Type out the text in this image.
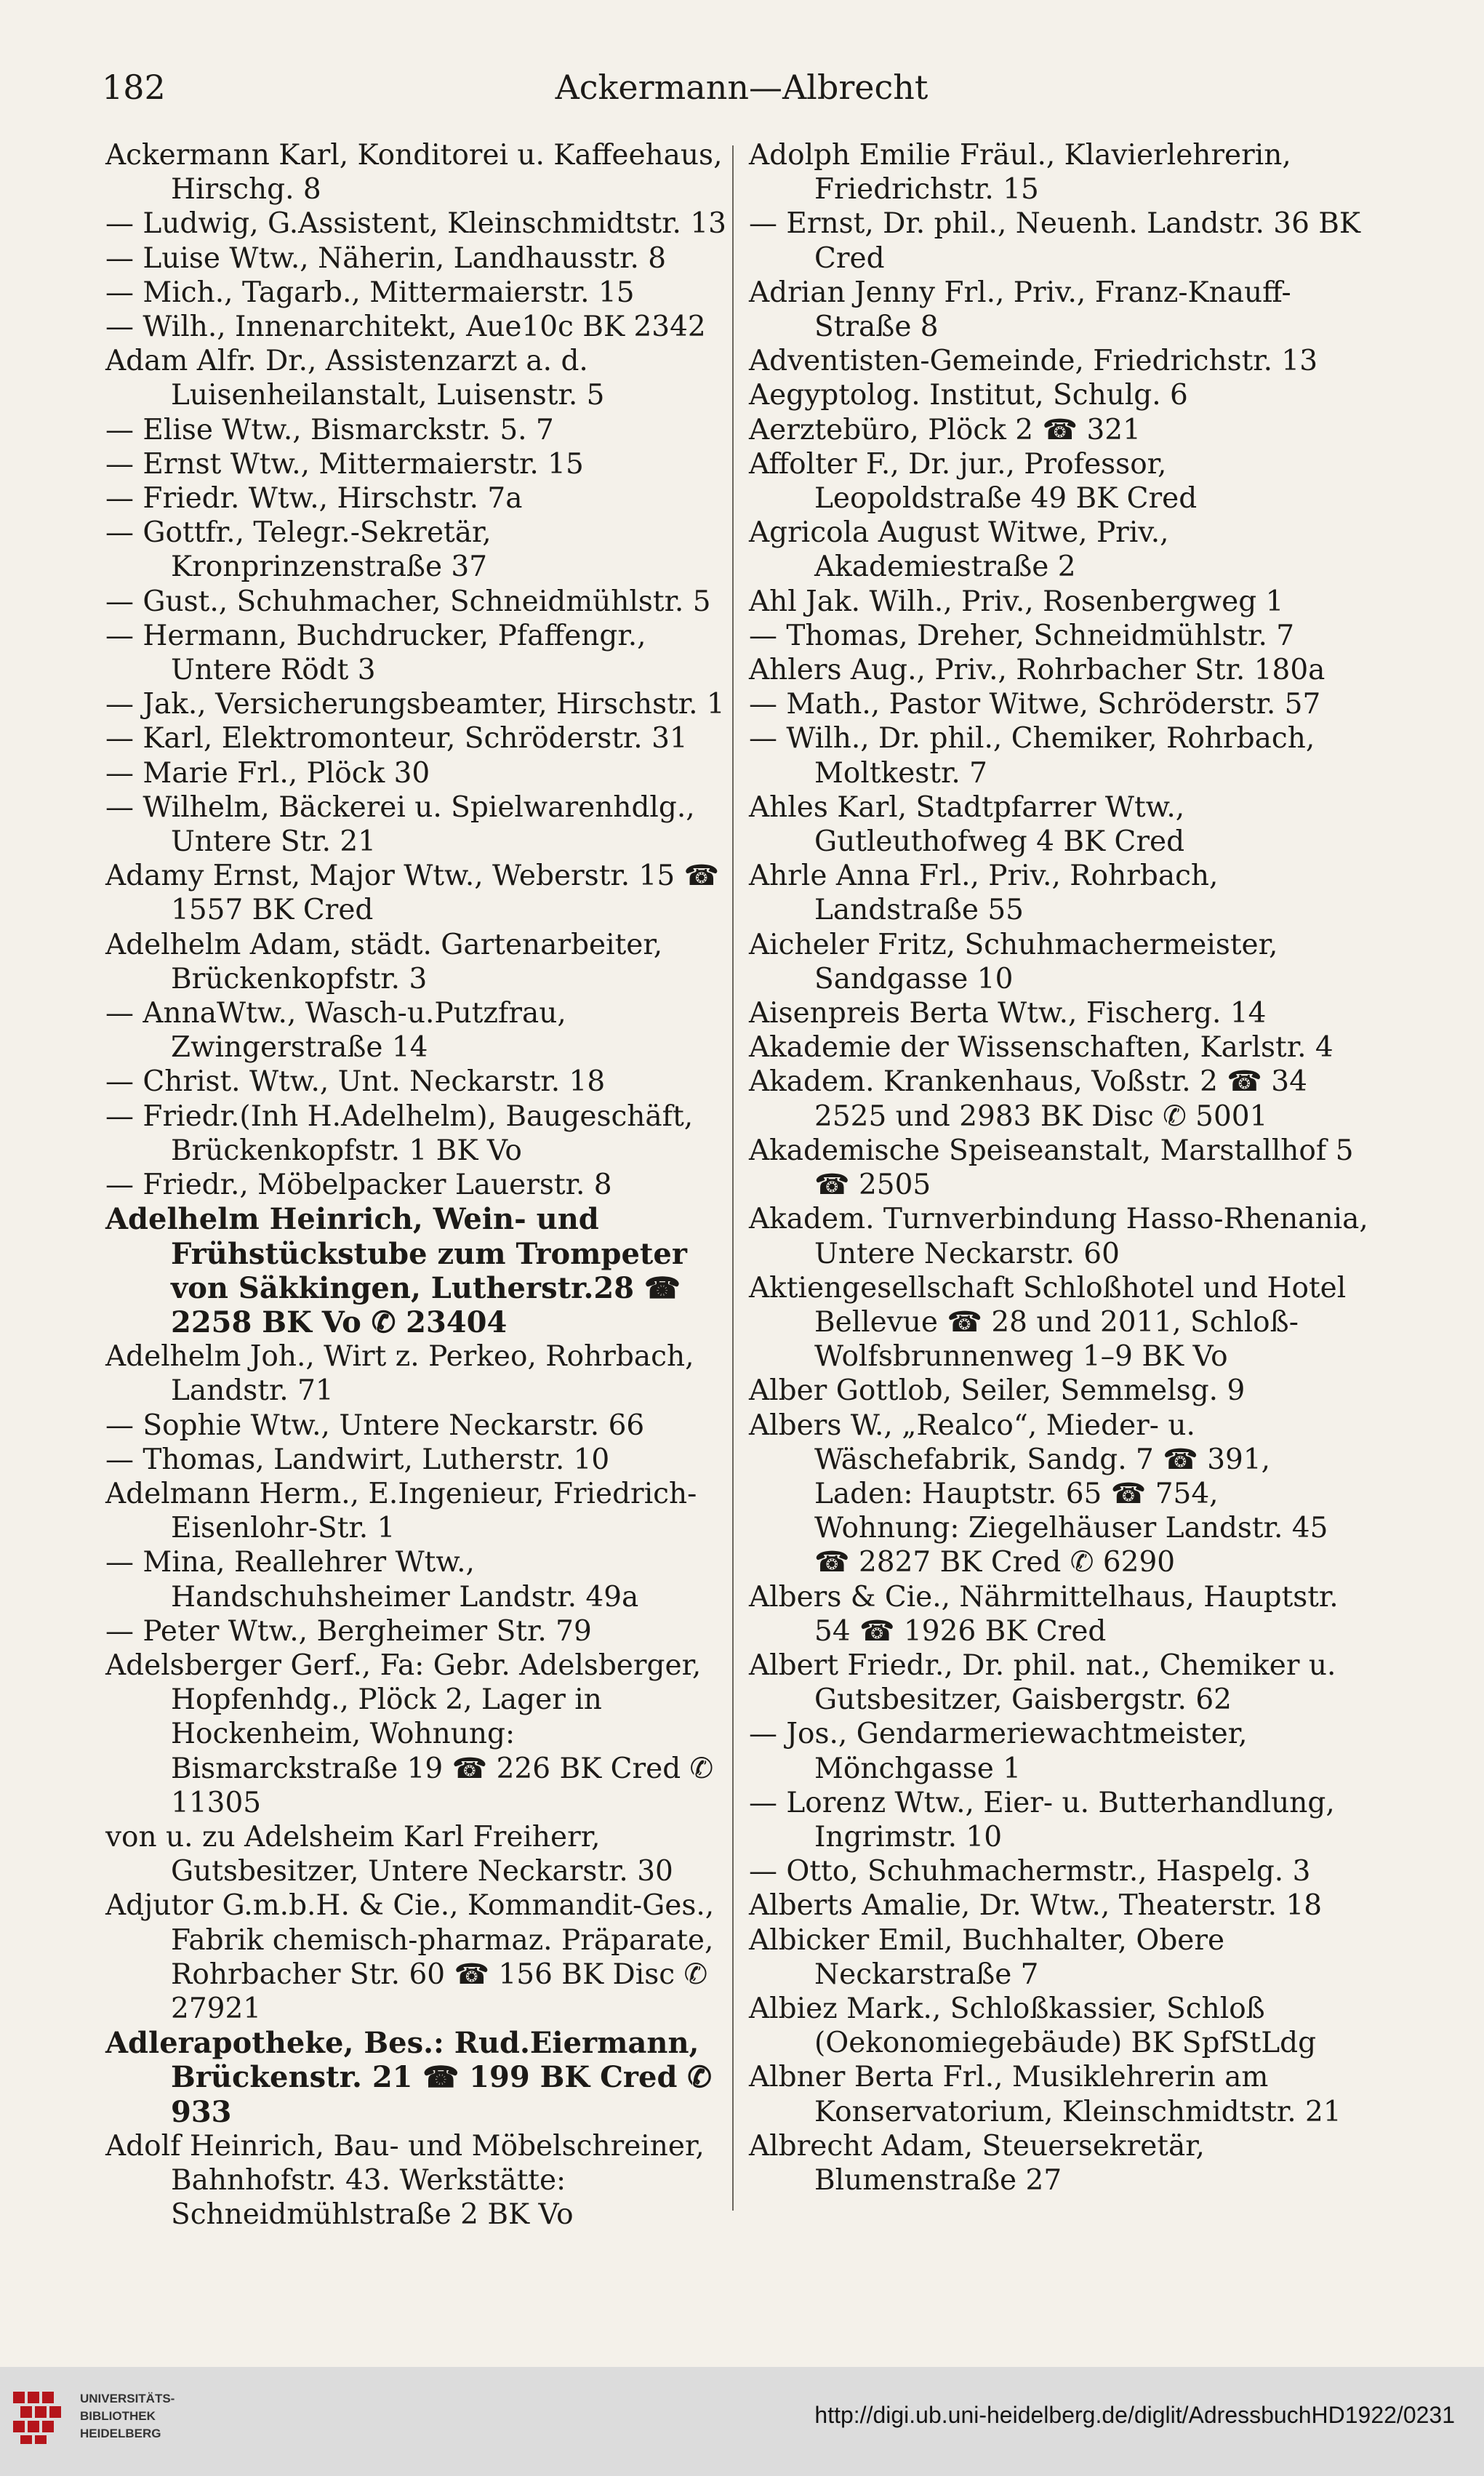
182	Ackermann—Albrecht
Ackermann Karl, Konditorei u. Kaffeehaus, Hirschg. 8
— Ludwig, G.Assistent, Kleinschmidtstr. 13
— Luise Wtw., Näherin, Landhausstr. 8
— Mich., Tagarb., Mittermaierstr. 15
— Wilh., Innenarchitekt, Aue10c BK 2342
Adam Alfr. Dr., Assistenzarzt a. d. Luisenheilanstalt, Luisenstr. 5
— Elise Wtw., Bismarckstr. 5. 7
— Ernst Wtw., Mittermaierstr. 15
— Friedr. Wtw., Hirschstr. 7a
— Gottfr., Telegr.-Sekretär, Kronprinzenstraße 37
— Gust., Schuhmacher, Schneidmühlstr. 5
— Hermann, Buchdrucker, Pfaffengr., Untere Rödt 3
— Jak., Versicherungsbeamter, Hirschstr. 1
— Karl, Elektromonteur, Schröderstr. 31
— Marie Frl., Plöck 30
— Wilhelm, Bäckerei u. Spielwarenhdlg., Untere Str. 21
Adamy Ernst, Major Wtw., Weberstr. 15 ☎ 1557 BK Cred
Adelhelm Adam, städt. Gartenarbeiter, Brückenkopfstr. 3
— AnnaWtw., Wasch-u.Putzfrau, Zwingerstraße 14
— Christ. Wtw., Unt. Neckarstr. 18
— Friedr.(Inh H.Adelhelm), Baugeschäft, Brückenkopfstr. 1 BK Vo
— Friedr., Möbelpacker Lauerstr. 8
Adelhelm Heinrich, Wein- und Frühstückstube zum Trompeter von Säkkingen, Lutherstr.28 ☎ 2258 BK Vo ✆ 23404
Adelhelm Joh., Wirt z. Perkeo, Rohrbach, Landstr. 71
— Sophie Wtw., Untere Neckarstr. 66
— Thomas, Landwirt, Lutherstr. 10
Adelmann Herm., E.Ingenieur, Friedrich-Eisenlohr-Str. 1
— Mina, Reallehrer Wtw., Handschuhsheimer Landstr. 49a
— Peter Wtw., Bergheimer Str. 79
Adelsberger Gerf., Fa: Gebr. Adelsberger, Hopfenhdg., Plöck 2, Lager in Hockenheim, Wohnung: Bismarckstraße 19 ☎ 226 BK Cred ✆ 11305
von u. zu Adelsheim Karl Freiherr, Gutsbesitzer, Untere Neckarstr. 30
Adjutor G.m.b.H. & Cie., Kommandit-Ges., Fabrik chemisch-pharmaz. Präparate, Rohrbacher Str. 60 ☎ 156 BK Disc ✆ 27921
Adlerapotheke, Bes.: Rud.Eiermann, Brückenstr. 21 ☎ 199 BK Cred ✆ 933
Adolf Heinrich, Bau- und Möbelschreiner, Bahnhofstr. 43. Werkstätte: Schneidmühlstraße 2 BK Vo
Adolph Emilie Fräul., Klavierlehrerin, Friedrichstr. 15
— Ernst, Dr. phil., Neuenh. Landstr. 36 BK Cred
Adrian Jenny Frl., Priv., Franz-Knauff-Straße 8
Adventisten-Gemeinde, Friedrichstr. 13
Aegyptolog. Institut, Schulg. 6
Aerztebüro, Plöck 2 ☎ 321
Affolter F., Dr. jur., Professor, Leopoldstraße 49 BK Cred
Agricola August Witwe, Priv., Akademiestraße 2
Ahl Jak. Wilh., Priv., Rosenbergweg 1
— Thomas, Dreher, Schneidmühlstr. 7
Ahlers Aug., Priv., Rohrbacher Str. 180a
— Math., Pastor Witwe, Schröderstr. 57
— Wilh., Dr. phil., Chemiker, Rohrbach, Moltkestr. 7
Ahles Karl, Stadtpfarrer Wtw., Gutleuthofweg 4 BK Cred
Ahrle Anna Frl., Priv., Rohrbach, Landstraße 55
Aicheler Fritz, Schuhmachermeister, Sandgasse 10
Aisenpreis Berta Wtw., Fischerg. 14
Akademie der Wissenschaften, Karlstr. 4
Akadem. Krankenhaus, Voßstr. 2 ☎ 34 2525 und 2983 BK Disc ✆ 5001
Akademische Speiseanstalt, Marstallhof 5 ☎ 2505
Akadem. Turnverbindung Hasso-Rhenania, Untere Neckarstr. 60
Aktiengesellschaft Schloßhotel und Hotel Bellevue ☎ 28 und 2011, Schloß-Wolfsbrunnenweg 1–9 BK Vo
Alber Gottlob, Seiler, Semmelsg. 9
Albers W., „Realco“, Mieder- u. Wäschefabrik, Sandg. 7 ☎ 391, Laden: Hauptstr. 65 ☎ 754, Wohnung: Ziegelhäuser Landstr. 45 ☎ 2827 BK Cred ✆ 6290
Albers & Cie., Nährmittelhaus, Hauptstr. 54 ☎ 1926 BK Cred
Albert Friedr., Dr. phil. nat., Chemiker u. Gutsbesitzer, Gaisbergstr. 62
— Jos., Gendarmeriewachtmeister, Mönchgasse 1
— Lorenz Wtw., Eier- u. Butterhandlung, Ingrimstr. 10
— Otto, Schuhmachermstr., Haspelg. 3
Alberts Amalie, Dr. Wtw., Theaterstr. 18
Albicker Emil, Buchhalter, Obere Neckarstraße 7
Albiez Mark., Schloßkassier, Schloß (Oekonomiegebäude) BK SpfStLdg
Albner Berta Frl., Musiklehrerin am Konservatorium, Kleinschmidtstr. 21
Albrecht Adam, Steuersekretär, Blumenstraße 27
UNIVERSITÄTS-
BIBLIOTHEK
HEIDELBERG
http://digi.ub.uni-heidelberg.de/diglit/AdressbuchHD1922/0231
